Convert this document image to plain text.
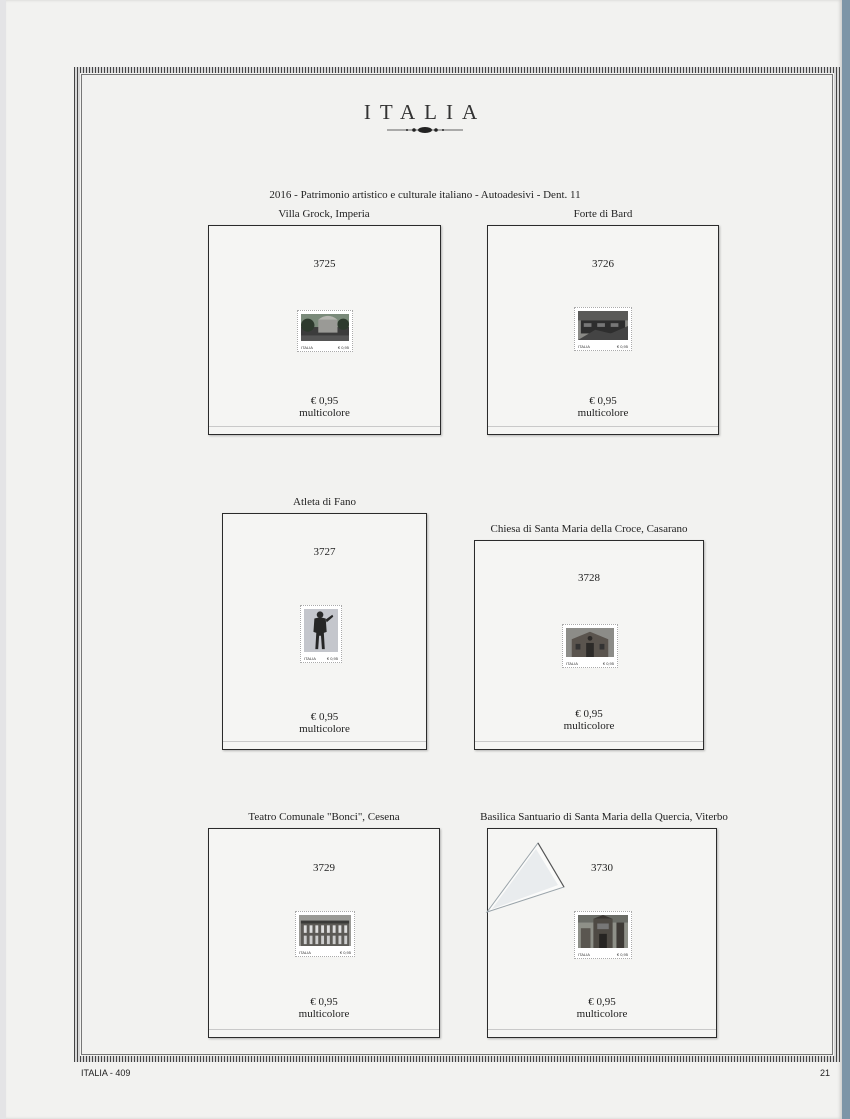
ITALIA
2016 - Patrimonio artistico e culturale italiano - Autoadesivi - Dent. 11
Villa Grock, Imperia
3725
ITALIA	€ 0,95
€ 0,95
multicolore
Forte di Bard
3726
ITALIA	€ 0,95
€ 0,95
multicolore
Atleta di Fano
3727
ITALIA	€ 0,95
€ 0,95
multicolore
Chiesa di Santa Maria della Croce, Casarano
3728
ITALIA	€ 0,95
€ 0,95
multicolore
Teatro Comunale "Bonci", Cesena
3729
ITALIA	€ 0,95
€ 0,95
multicolore
Basilica Santuario di Santa Maria della Quercia, Viterbo
3730
ITALIA	€ 0,95
€ 0,95
multicolore
ITALIA - 409	21
